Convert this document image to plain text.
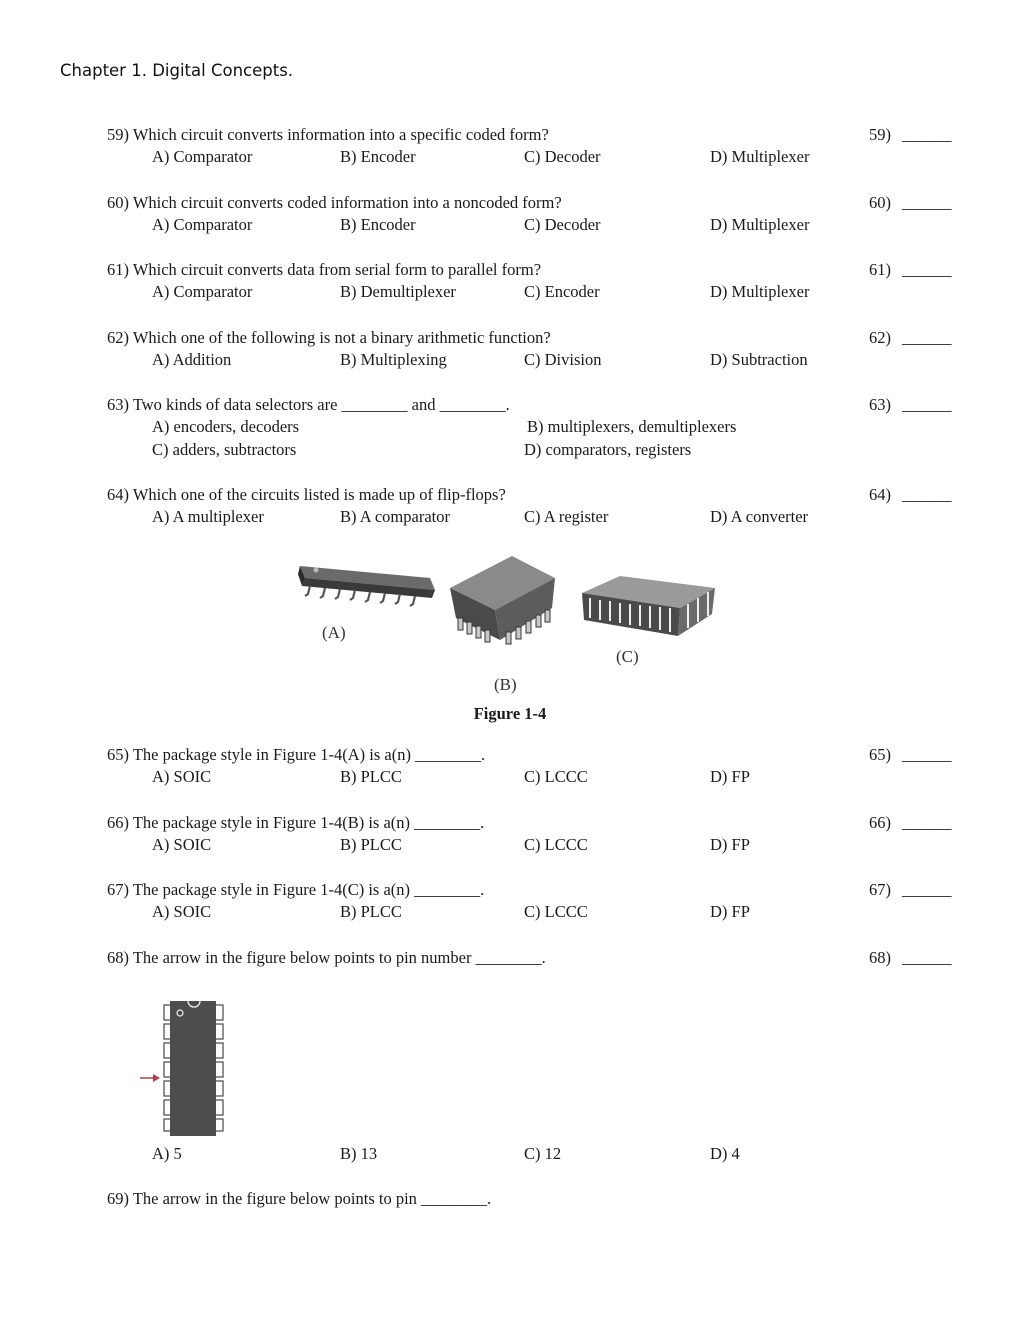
Chapter 1. Digital Concepts.
59) Which circuit converts information into a specific coded form?	59) ______
A) Comparator	B) Encoder	C) Decoder	D) Multiplexer
60) Which circuit converts coded information into a noncoded form?	60) ______
A) Comparator	B) Encoder	C) Decoder	D) Multiplexer
61) Which circuit converts data from serial form to parallel form?	61) ______
A) Comparator	B) Demultiplexer	C) Encoder	D) Multiplexer
62) Which one of the following is not a binary arithmetic function?	62) ______
A) Addition	B) Multiplexing	C) Division	D) Subtraction
63) Two kinds of data selectors are ________ and ________.	63) ______
A) encoders, decoders	B) multiplexers, demultiplexers
C) adders, subtractors	D) comparators, registers
64) Which one of the circuits listed is made up of flip-flops?	64) ______
A) A multiplexer	B) A comparator	C) A register	D) A converter
(A)
(B)
(C)
Figure 1-4
65) The package style in Figure 1-4(A) is a(n) ________.	65) ______
A) SOIC	B) PLCC	C) LCCC	D) FP
66) The package style in Figure 1-4(B) is a(n) ________.	66) ______
A) SOIC	B) PLCC	C) LCCC	D) FP
67) The package style in Figure 1-4(C) is a(n) ________.	67) ______
A) SOIC	B) PLCC	C) LCCC	D) FP
68) The arrow in the figure below points to pin number ________.	68) ______
A) 5	B) 13	C) 12	D) 4
69) The arrow in the figure below points to pin ________.
